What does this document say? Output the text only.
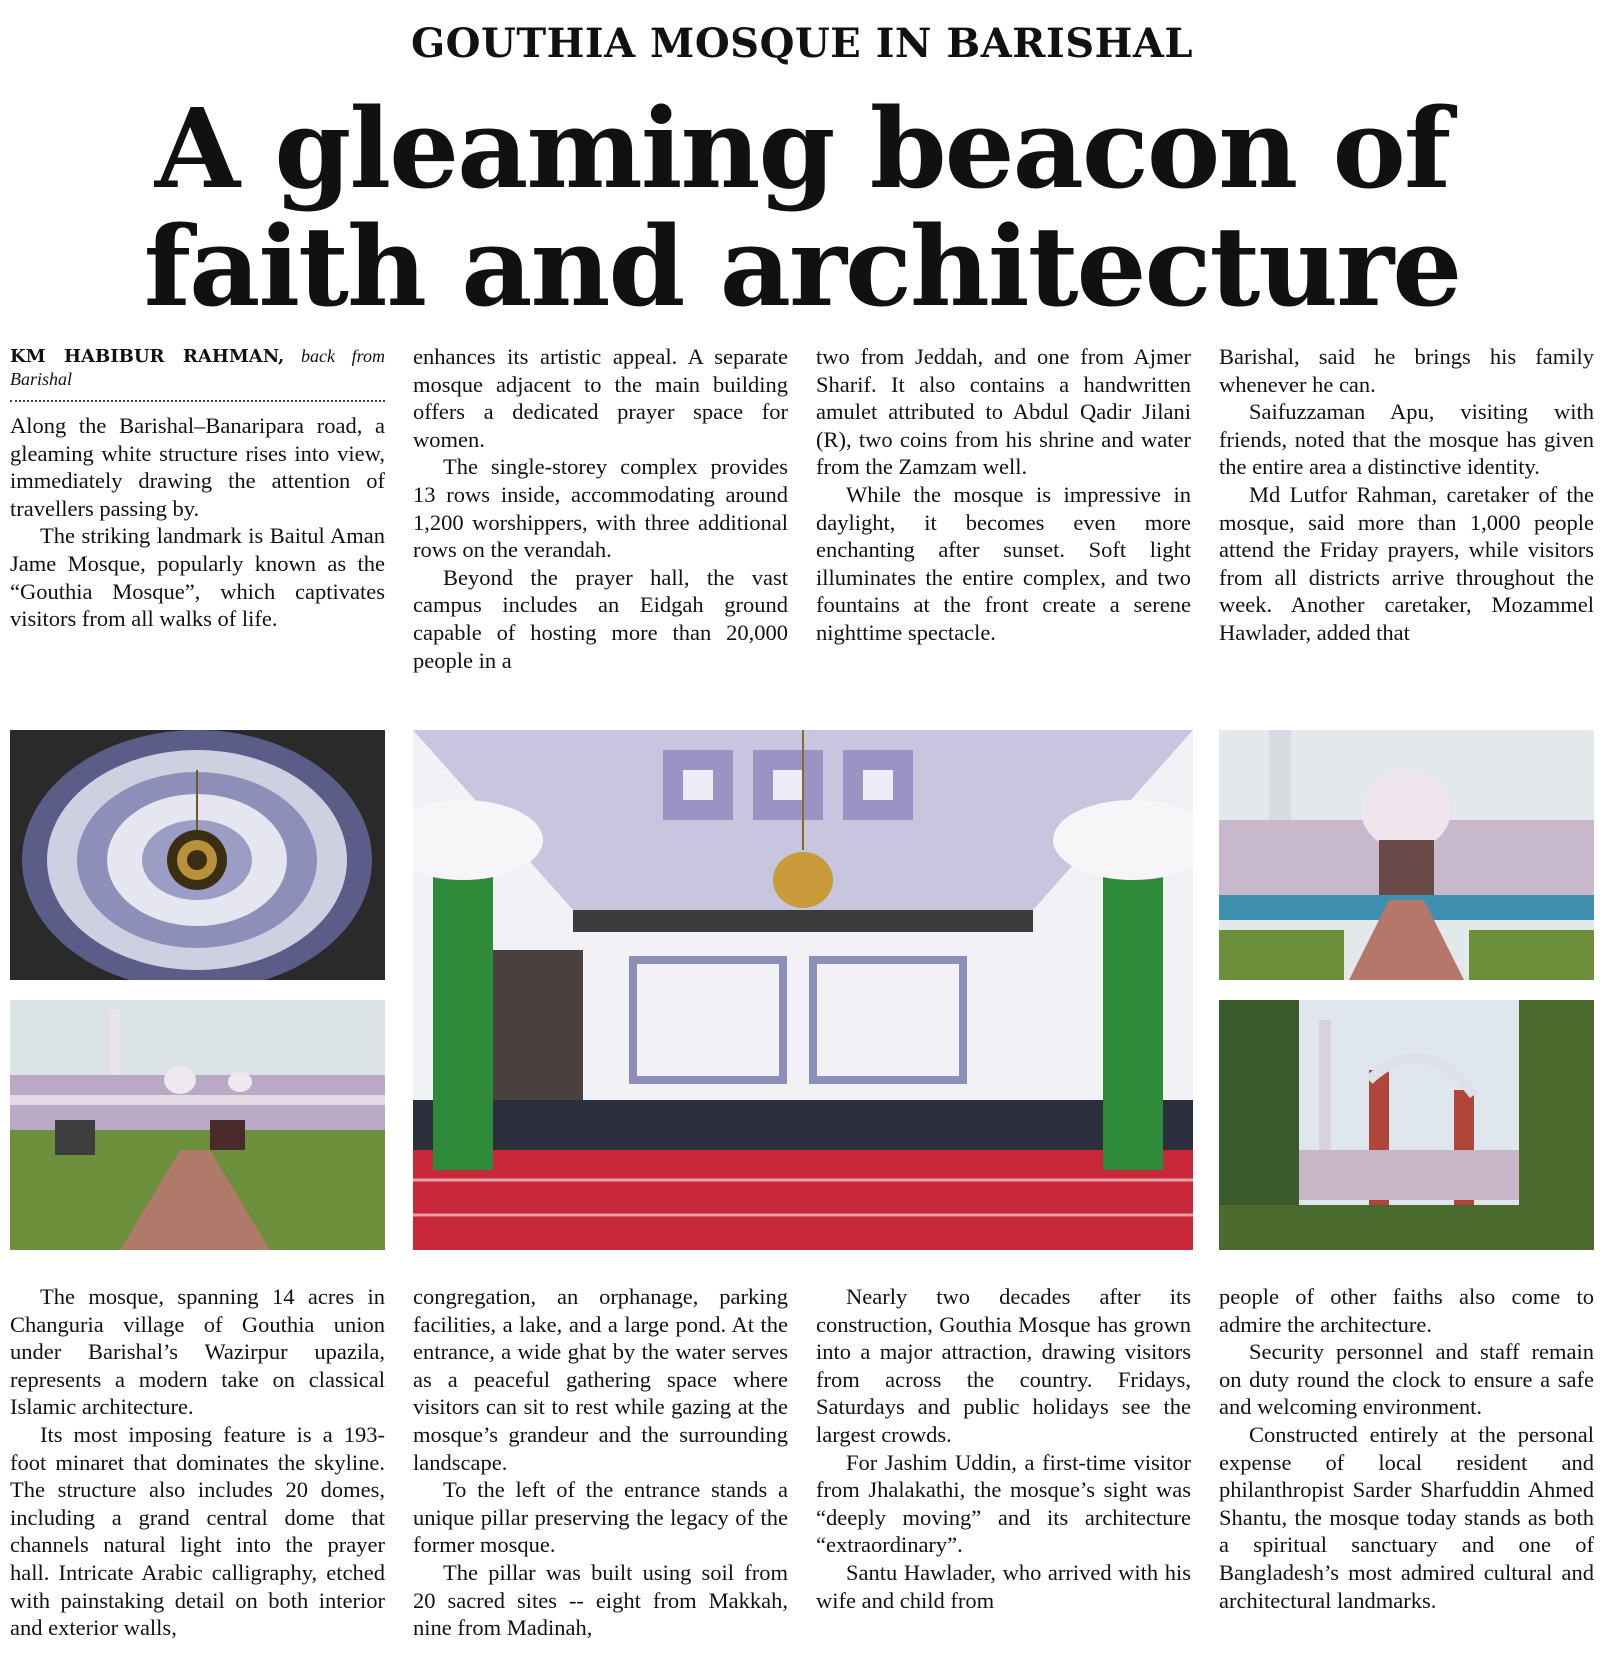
GOUTHIA MOSQUE IN BARISHAL
A gleaming beacon of
faith and architecture
KM HABIBUR RAHMAN, back from Barishal

Along the Barishal–Banaripara road, a gleaming white structure rises into view, immediately drawing the attention of travellers passing by.

The striking landmark is Baitul Aman Jame Mosque, popularly known as the “Gouthia Mosque”, which captivates visitors from all walks of life.

enhances its artistic appeal. A separate mosque adjacent to the main building offers a dedicated prayer space for women.

The single-storey complex provides 13 rows inside, accommodating around 1,200 worshippers, with three additional rows on the verandah.

Beyond the prayer hall, the vast campus includes an Eidgah ground capable of hosting more than 20,000 people in a

two from Jeddah, and one from Ajmer Sharif. It also contains a handwritten amulet attributed to Abdul Qadir Jilani (R), two coins from his shrine and water from the Zamzam well.

While the mosque is impressive in daylight, it becomes even more enchanting after sunset. Soft light illuminates the entire complex, and two fountains at the front create a serene nighttime spectacle.

Barishal, said he brings his family whenever he can.

Saifuzzaman Apu, visiting with friends, noted that the mosque has given the entire area a distinctive identity.

Md Lutfor Rahman, caretaker of the mosque, said more than 1,000 people attend the Friday prayers, while visitors from all districts arrive throughout the week. Another caretaker, Mozammel Hawlader, added that

The mosque, spanning 14 acres in Changuria village of Gouthia union under Barishal’s Wazirpur upazila, represents a modern take on classical Islamic architecture.

Its most imposing feature is a 193-foot minaret that dominates the skyline. The structure also includes 20 domes, including a grand central dome that channels natural light into the prayer hall. Intricate Arabic calligraphy, etched with painstaking detail on both interior and exterior walls,

congregation, an orphanage, parking facilities, a lake, and a large pond. At the entrance, a wide ghat by the water serves as a peaceful gathering space where visitors can sit to rest while gazing at the mosque’s grandeur and the surrounding landscape.

To the left of the entrance stands a unique pillar preserving the legacy of the former mosque.

The pillar was built using soil from 20 sacred sites -- eight from Makkah, nine from Madinah,

Nearly two decades after its construction, Gouthia Mosque has grown into a major attraction, drawing visitors from across the country. Fridays, Saturdays and public holidays see the largest crowds.

For Jashim Uddin, a first-time visitor from Jhalakathi, the mosque’s sight was “deeply moving” and its architecture “extraordinary”.

Santu Hawlader, who arrived with his wife and child from

people of other faiths also come to admire the architecture.

Security personnel and staff remain on duty round the clock to ensure a safe and welcoming environment.

Constructed entirely at the personal expense of local resident and philanthropist Sarder Sharfuddin Ahmed Shantu, the mosque today stands as both a spiritual sanctuary and one of Bangladesh’s most admired cultural and architectural landmarks.
